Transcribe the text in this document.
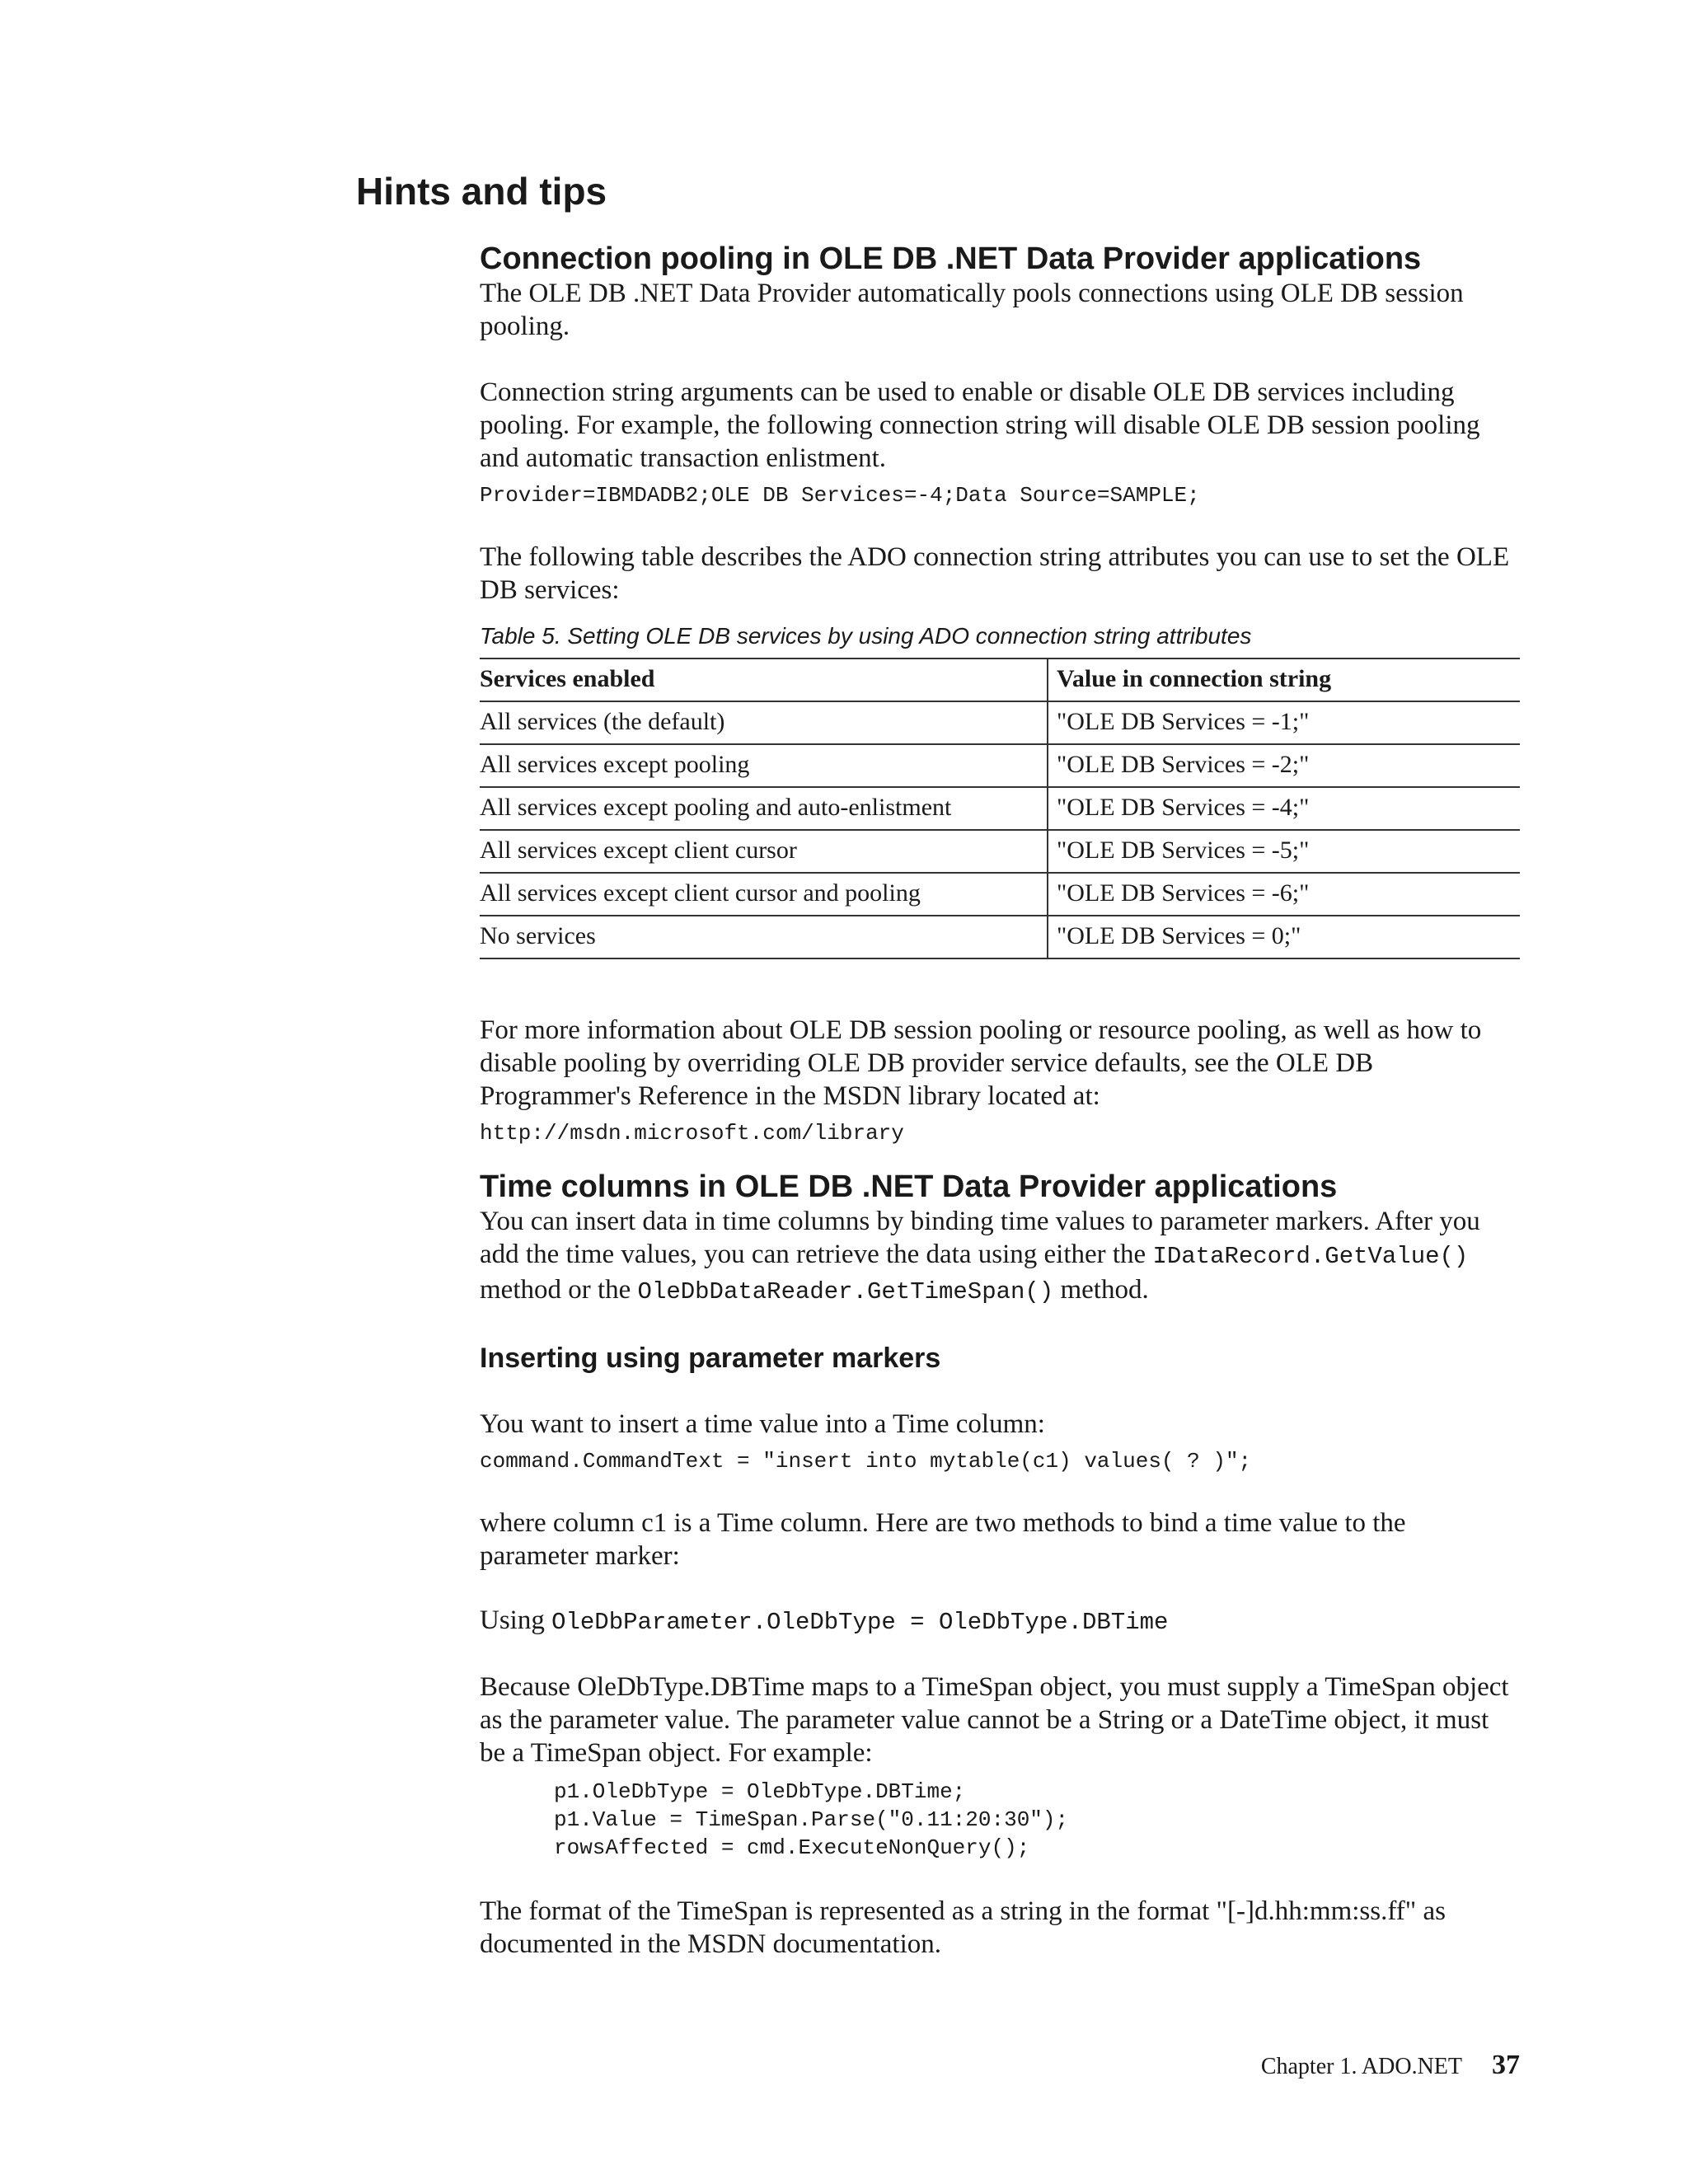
Hints and tips
Connection pooling in OLE DB .NET Data Provider applications

The OLE DB .NET Data Provider automatically pools connections using OLE DB session pooling.

Connection string arguments can be used to enable or disable OLE DB services including pooling. For example, the following connection string will disable OLE DB session pooling and automatic transaction enlistment.

Provider=IBMDADB2;OLE DB Services=-4;Data Source=SAMPLE;

The following table describes the ADO connection string attributes you can use to set the OLE DB services:

Table 5. Setting OLE DB services by using ADO connection string attributes
Services enabled	Value in connection string
All services (the default)	"OLE DB Services = -1;"
All services except pooling	"OLE DB Services = -2;"
All services except pooling and auto-enlistment	"OLE DB Services = -4;"
All services except client cursor	"OLE DB Services = -5;"
All services except client cursor and pooling	"OLE DB Services = -6;"
No services	"OLE DB Services = 0;"

For more information about OLE DB session pooling or resource pooling, as well as how to disable pooling by overriding OLE DB provider service defaults, see the OLE DB Programmer's Reference in the MSDN library located at:

http://msdn.microsoft.com/library
Time columns in OLE DB .NET Data Provider applications

You can insert data in time columns by binding time values to parameter markers. After you add the time values, you can retrieve the data using either the IDataRecord.GetValue() method or the OleDbDataReader.GetTimeSpan() method.

Inserting using parameter markers

You want to insert a time value into a Time column:

command.CommandText = "insert into mytable(c1) values( ? )";

where column c1 is a Time column. Here are two methods to bind a time value to the parameter marker:

Using OleDbParameter.OleDbType = OleDbType.DBTime

Because OleDbType.DBTime maps to a TimeSpan object, you must supply a TimeSpan object as the parameter value. The parameter value cannot be a String or a DateTime object, it must be a TimeSpan object. For example:

p1.OleDbType = OleDbType.DBTime;
p1.Value = TimeSpan.Parse("0.11:20:30");
rowsAffected = cmd.ExecuteNonQuery();

The format of the TimeSpan is represented as a string in the format "[-]d.hh:mm:ss.ff" as documented in the MSDN documentation.

Chapter 1. ADO.NET 37
